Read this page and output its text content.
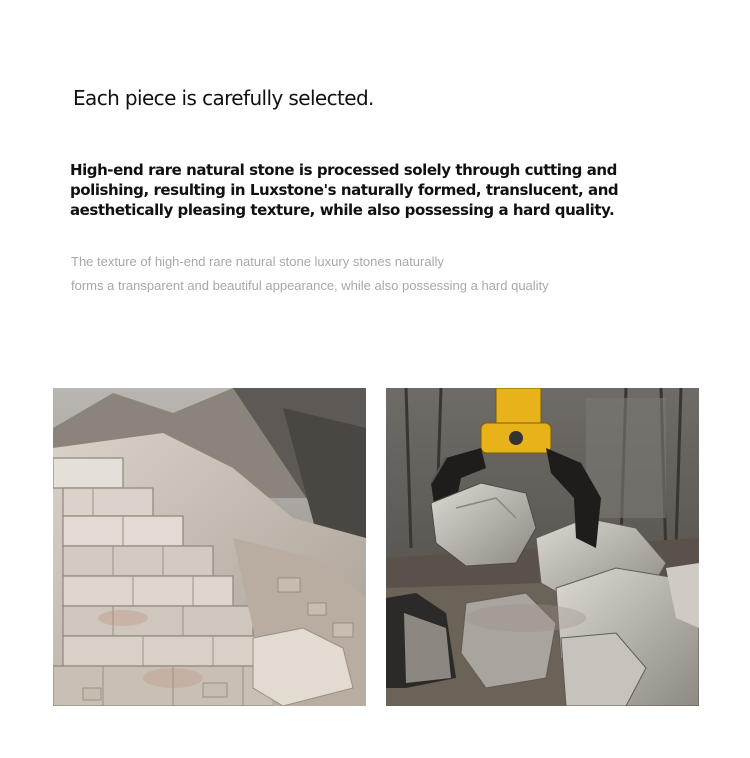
Each piece is carefully selected.

High-end rare natural stone is processed solely through cutting and polishing, resulting in Luxstone's naturally formed, translucent, and aesthetically pleasing texture, while also possessing a hard quality.

The texture of high-end rare natural stone luxury stones naturally
forms a transparent and beautiful appearance, while also possessing a hard quality
